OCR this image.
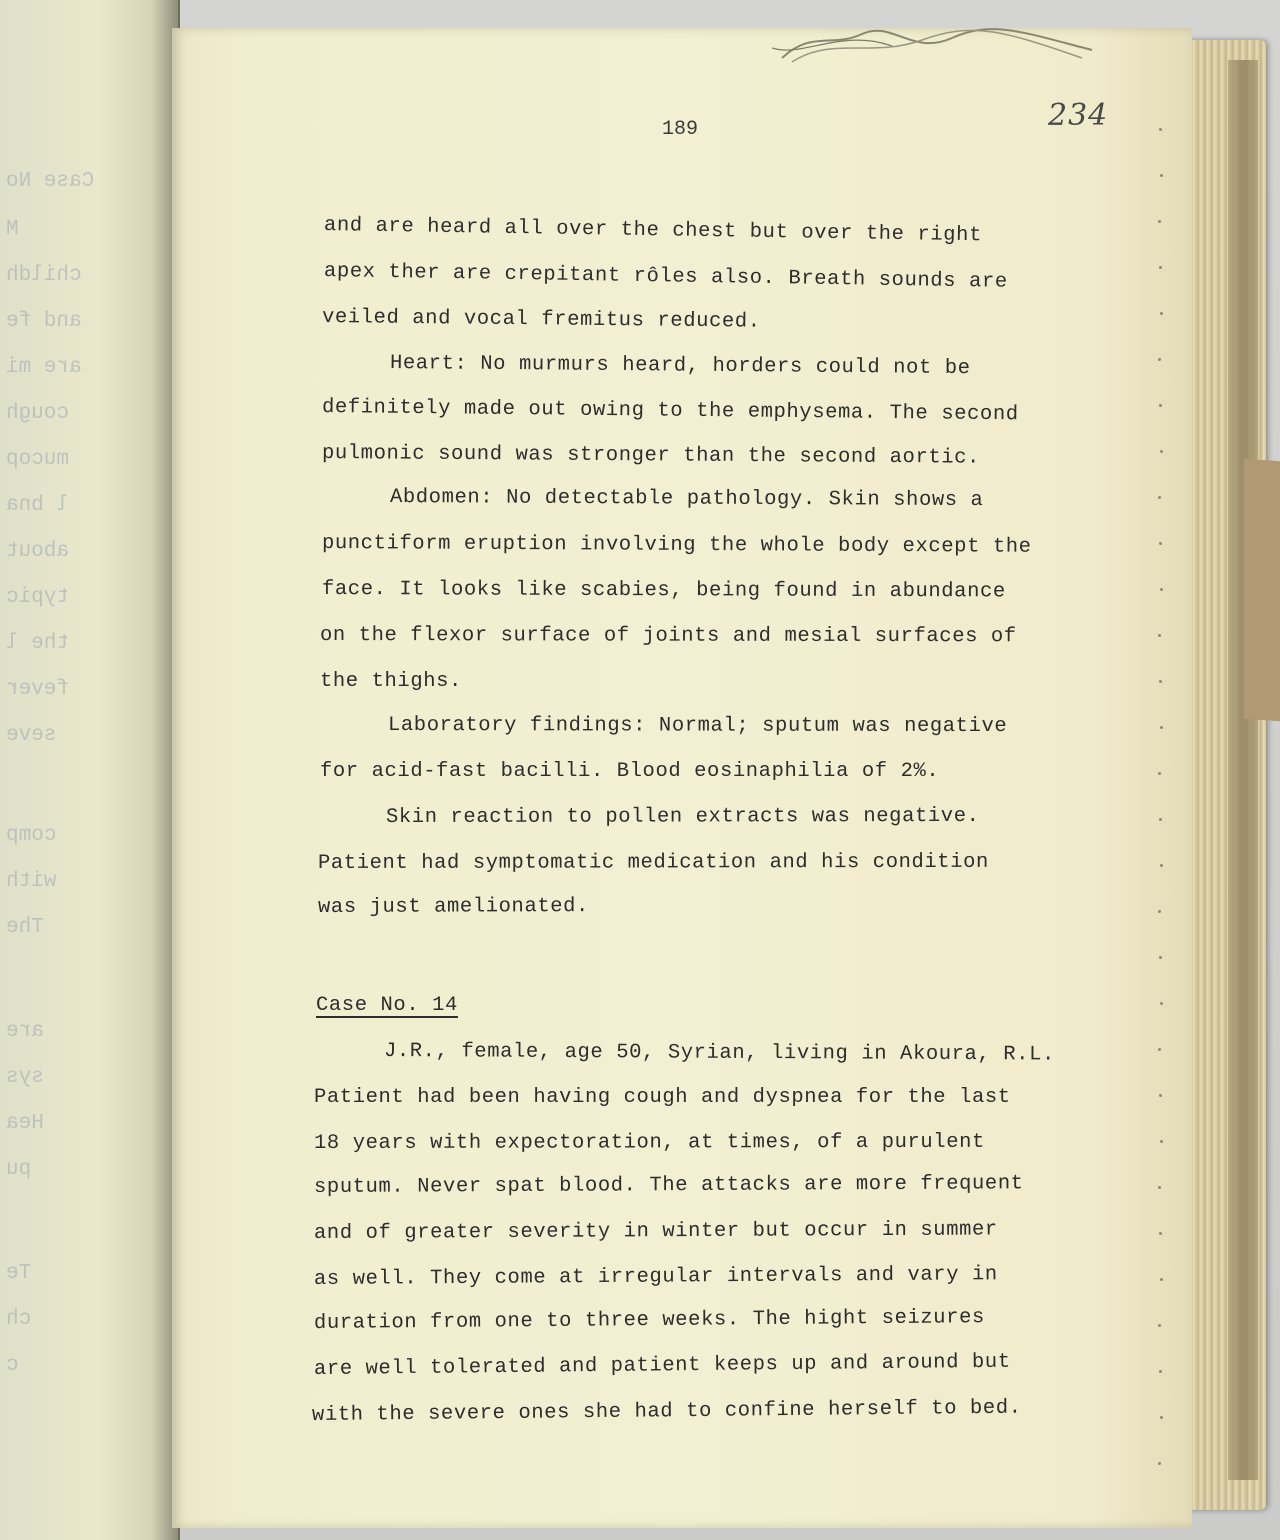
Case No
M
childh
and fe
are mi
cough
mucop
l bna
about
typic
the l
fever
seve
comp
with
The
are
sys
Hea
pu
Te
ch
c
189	234
and are heard all over the chest but over the right
apex ther are crepitant rôles also. Breath sounds are
veiled and vocal fremitus reduced.
Heart: No murmurs heard, horders could not be
definitely made out owing to the emphysema. The second
pulmonic sound was stronger than the second aortic.
Abdomen: No detectable pathology. Skin shows a
punctiform eruption involving the whole body except the
face. It looks like scabies, being found in abundance
on the flexor surface of joints and mesial surfaces of
the thighs.
Laboratory findings: Normal; sputum was negative
for acid-fast bacilli. Blood eosinaphilia of 2%.
Skin reaction to pollen extracts was negative.
Patient had symptomatic medication and his condition
was just amelionated.
Case No. 14
J.R., female, age 50, Syrian, living in Akoura, R.L.
Patient had been having cough and dyspnea for the last
18 years with expectoration, at times, of a purulent
sputum. Never spat blood. The attacks are more frequent
and of greater severity in winter but occur in summer
as well. They come at irregular intervals and vary in
duration from one to three weeks. The hight seizures
are well tolerated and patient keeps up and around but
with the severe ones she had to confine herself to bed.
